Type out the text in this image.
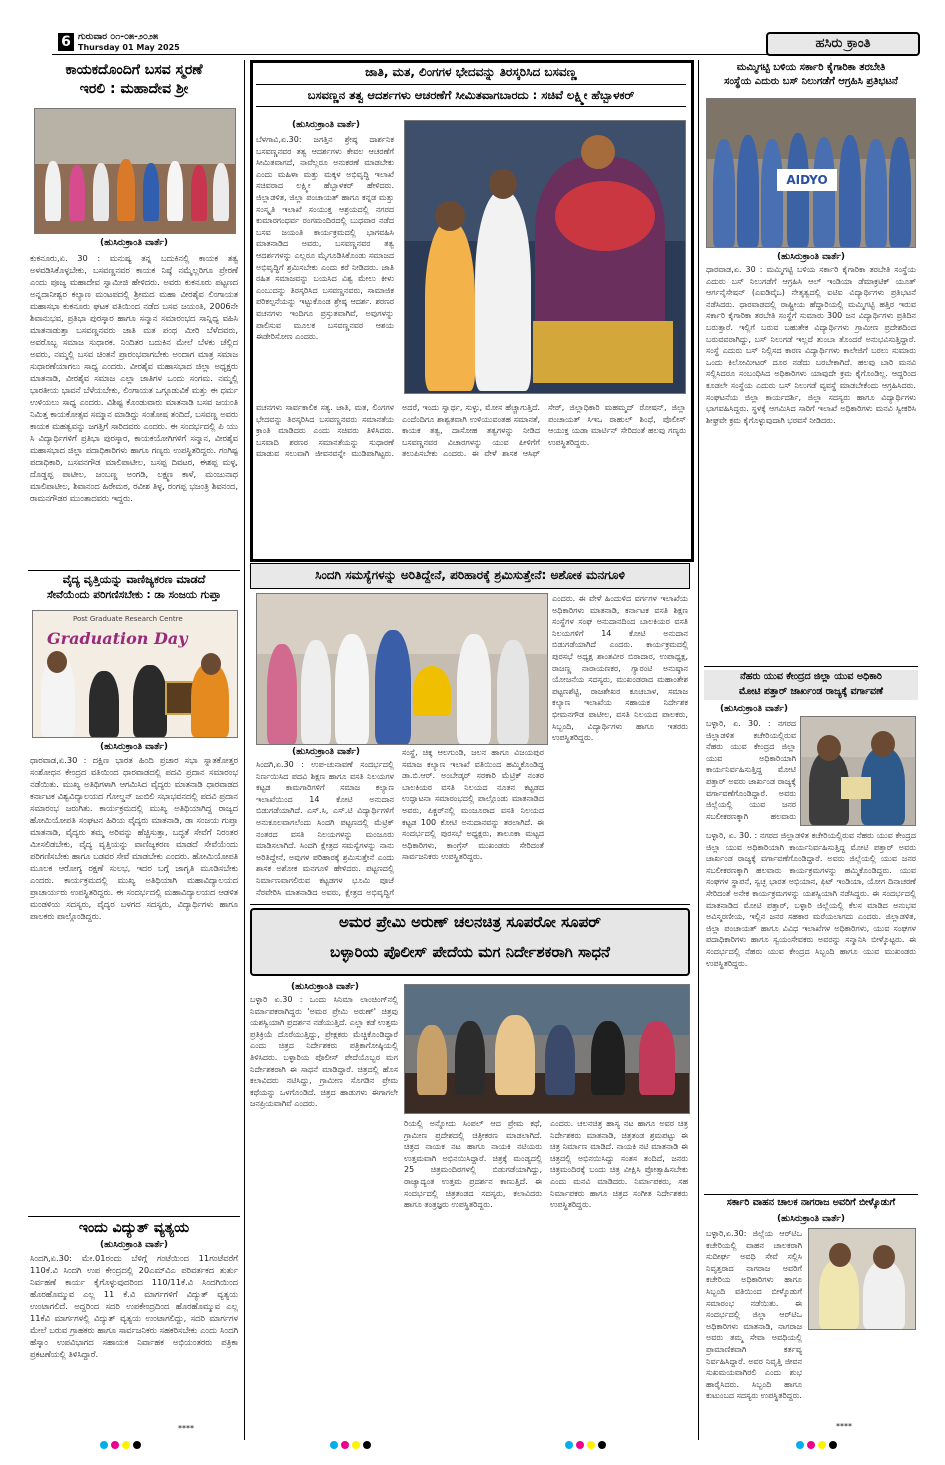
6 ಗುರುವಾರ ೦೧-೦೫-೨೦೨೫
Thursday 01 May 2025	ಹಸಿರು ಕ್ರಾಂತಿ
ಕಾಯಕದೊಂದಿಗೆ ಬಸವ ಸ್ಮರಣೆ
ಇರಲಿ : ಮಹಾದೇವ ಶ್ರೀ
(ಹುಸಿರುಕ್ರಾಂತಿ ವಾರ್ತೆ)
ಕುಕನೂರು,ಏ. 30 : ಮನುಷ್ಯ ತನ್ನ ಬದುಕಿನಲ್ಲಿ ಕಾಯಕ ತತ್ವ ಅಳವಡಿಸಿಕೊಳ್ಳಬೇಕು, ಬಸವಣ್ಣನವರ ಕಾಯಕ ನಿಷ್ಠೆ ನಮ್ಮೆಲ್ಲರಿಗೂ ಪ್ರೇರಣೆ ಎಂದು ಪೂಜ್ಯ ಮಹಾದೇವ ಸ್ವಾಮೀಜಿ ಹೇಳಿದರು. ಅವರು ಕುಕನೂರು ಪಟ್ಟಣದ ಅನ್ನದಾನೀಶ್ವರ ಕಲ್ಯಾಣ ಮಂಟಪದಲ್ಲಿ ಶ್ರೀಮದ ಮಹಾ ವೀರಶೈವ ಲಿಂಗಾಯತ ಮಹಾಸಭಾ ಕುಕನೂರು ಘಟಕ ವತಿಯಿಂದ ನಡೆದ ಬಸವ ಜಯಂತಿ, 2006ನೇ ಶಿವಾನುಭವ, ಪ್ರತಿಭಾ ಪುರಸ್ಕಾರ ಹಾಗೂ ಸನ್ಮಾನ ಸಮಾರಂಭದ ಸಾನ್ನಿಧ್ಯ ವಹಿಸಿ ಮಾತನಾಡುತ್ತಾ ಬಸವಣ್ಣನವರು ಜಾತಿ ಮತ ಪಂಥ ಮೀರಿ ಬೆಳೆದವರು, ಅವರೊಬ್ಬ ಸಮಾಜ ಸುಧಾರಕ. ನಿಂದಿತರ ಬದುಕಿನ ಮೇಲೆ ಬೆಳಕು ಚೆಲ್ಲಿದ ಅವರು, ನಮ್ಮಲ್ಲಿ ಬಸವ ಚಿಂತನೆ ಪ್ರಾರಂಭವಾಗಬೇಕು ಅಂದಾಗ ಮಾತ್ರ ಸಮಾಜ ಸುಧಾರಣೆಯಾಗಲು ಸಾಧ್ಯ ಎಂದರು. ವೀರಶೈವ ಮಹಾಸಭಾದ ಜಿಲ್ಲಾ ಅಧ್ಯಕ್ಷರು ಮಾತನಾಡಿ, ವೀರಶೈವ ಸಮಾಜ ಎಲ್ಲಾ ಜಾತಿಗಳ ಒಂದು ಸಂಗಮ. ನಮ್ಮಲ್ಲಿ ಭಾರತೀಯ ಭಾವನೆ ಬೆಳೆಯಬೇಕು, ಲಿಂಗಾಯತ ಒಗ್ಗೂಡುವಿಕೆ ಮತ್ತು ಈ ಧರ್ಮ ಉಳಿಯಲು ಸಾಧ್ಯ ಎಂದರು. ವಿಶಿಷ್ಟ ಕೊಂಡುವಾರು ಮಾತನಾಡಿ ಬಸವ ಜಯಂತಿ ನಿಮಿತ್ತ ಕಾಯಕೋತ್ಸವ ಸಮ್ಮಾನ ಮಾಡಿದ್ದು ಸಂತೋಷ ತಂದಿದೆ, ಬಸವಣ್ಣ ಅವರು ಕಾಯಕ ಮಹತ್ವವನ್ನು ಜಗತ್ತಿಗೆ ಸಾರಿದವರು ಎಂದರು. ಈ ಸಂದರ್ಭದಲ್ಲಿ ಪಿ ಯು ಸಿ ವಿದ್ಯಾರ್ಥಿಗಳಿಗೆ ಪ್ರತಿಭಾ ಪುರಸ್ಕಾರ, ಕಾಯಕಯೋಗಿಗಳಿಗೆ ಸನ್ಮಾನ, ವೀರಶೈವ ಮಹಾಸಭಾದ ಜಿಲ್ಲಾ ಪದಾಧಿಕಾರಿಗಳು ಹಾಗೂ ಗಣ್ಯರು ಉಪಸ್ಥಿತರಿದ್ದರು. ಗಂಗಿಷ್ಟ ಪದಾಧಿಕಾರಿ, ಬಸವನಗೌಡ ಮಾಲಿಪಾಟೀಲ, ಬಸಪ್ಪ ದಿವಟರ, ಈಶಪ್ಪ ಮಳ್ಳ, ದೊಡ್ಡಪ್ಪ ಪಾಟೀಲ, ಜಂಬಣ್ಣ ಅಂಗಡಿ, ಲಕ್ಷ್ಮಣ ಕಾಳೆ, ಮಂಜುನಾಥ ಮಾಲಿಪಾಟೀಲ, ಶಿವಾನಂದ ಹಿರೇಮಠ, ರವೀಶ ತಿಳ್ಳ, ರಂಗಪ್ಪ ಭಜಂತ್ರಿ ಶಿವನಂದ, ರಾಮನಗೌಡರ ಮುಂತಾದವರು ಇದ್ದರು.
ವೈದ್ಯ ವೃತ್ತಿಯನ್ನು ವಾಣಿಜ್ಯಕರಣ ಮಾಡದೆ
ಸೇವೆಯೆಂದು ಪರಿಗಣಿಸಬೇಕು : ಡಾ ಸಂಜಯ ಗುಪ್ತಾ
Post Graduate Research Centre
Graduation Day
(ಹುಸಿರುಕ್ರಾಂತಿ ವಾರ್ತೆ)
ಧಾರವಾಡ,ಏ.30 : ದಕ್ಷಿಣ ಭಾರತ ಹಿಂದಿ ಪ್ರಚಾರ ಸಭಾ ಸ್ನಾತಕೋತ್ತರ ಸಂಶೋಧನ ಕೇಂದ್ರದ ವತಿಯಿಂದ ಧಾರವಾಡದಲ್ಲಿ ಪದವಿ ಪ್ರದಾನ ಸಮಾರಂಭ ನಡೆಯಿತು. ಮುಖ್ಯ ಅತಿಥಿಗಳಾಗಿ ಆಗಮಿಸಿದ ವೈದ್ಯರು ಮಾತನಾಡಿ ಧಾರವಾಡದ ಕರ್ನಾಟಕ ವಿಶ್ವವಿದ್ಯಾಲಯದ ಗೋಲ್ಡನ್ ಜುಬಿಲಿ ಸಭಾಭವನದಲ್ಲಿ ಪದವಿ ಪ್ರದಾನ ಸಮಾರಂಭ ಜರುಗಿತು. ಕಾರ್ಯಕ್ರಮದಲ್ಲಿ ಮುಖ್ಯ ಅತಿಥಿಯಾಗಿದ್ದ ರಾಜ್ಯದ ಹೋಮಿಯೋಪತಿ ಸಂಘಟನ ಹಿರಿಯ ವೈದ್ಯರು ಮಾತನಾಡಿ, ಡಾ ಸಂಜಯ ಗುಪ್ತಾ ಮಾತನಾಡಿ, ವೈದ್ಯರು ತಮ್ಮ ಅರಿವನ್ನು ಹೆಚ್ಚಿಸುತ್ತಾ, ಬದ್ಧತೆ ಸೇವೆಗೆ ನಿರಂತರ ಮೀಸಲಿಡಬೇಕು, ವೈದ್ಯ ವೃತ್ತಿಯನ್ನು ವಾಣಿಜ್ಯಕರಣ ಮಾಡದೆ ಸೇವೆಯೆಂದು ಪರಿಗಣಿಸಬೇಕು ಹಾಗೂ ಬಡವರ ಸೇವೆ ಮಾಡಬೇಕು ಎಂದರು. ಹೋಮಿಯೋಪತಿ ಮೂಲಕ ಆರೋಗ್ಯ ರಕ್ಷಣೆ ಸುಲಭ, ಇದರ ಬಗ್ಗೆ ಜಾಗೃತಿ ಮೂಡಿಸಬೇಕು ಎಂದರು. ಕಾರ್ಯಕ್ರಮದಲ್ಲಿ ಮುಖ್ಯ ಅತಿಥಿಯಾಗಿ ಮಹಾವಿದ್ಯಾಲಯದ ಪ್ರಾಚಾರ್ಯರು ಉಪಸ್ಥಿತರಿದ್ದರು. ಈ ಸಂದರ್ಭದಲ್ಲಿ ಮಹಾವಿದ್ಯಾಲಯದ ಆಡಳಿತ ಮಂಡಳಿಯ ಸದಸ್ಯರು, ವೈದ್ಯರ ಬಳಗದ ಸದಸ್ಯರು, ವಿದ್ಯಾರ್ಥಿಗಳು ಹಾಗೂ ಪಾಲಕರು ಪಾಲ್ಗೊಂಡಿದ್ದರು.
ಇಂದು ವಿದ್ಯುತ್ ವ್ಯತ್ಯಯ
(ಹುಸಿರುಕ್ರಾಂತಿ ವಾರ್ತೆ)
ಸಿಂದಗಿ,ಏ.30: ಮೇ.01ರಂದು ಬೆಳಿಗ್ಗೆ ಗಂಟೆಯಿಂದ 11ಗಂಟೆವರೆಗೆ 110ಕೆ.ವಿ ಸಿಂದಗಿ ಉಪ ಕೇಂದ್ರದಲ್ಲಿ 20ಎಮ್‌ವಿಎ ಪರಿವರ್ತಕದ ತುರ್ತು ನಿರ್ವಹಣೆ ಕಾರ್ಯ ಕೈಗೊಳ್ಳುವುದರಿಂದ 110/11ಕೆ.ವಿ ಸಿಂದಗಿಯಿಂದ ಹೊರಹೊಮ್ಮುವ ಎಲ್ಲ 11 ಕೆ.ವಿ ಮಾರ್ಗಗಳಿಗೆ ವಿದ್ಯುತ್ ವ್ಯತ್ಯಯ ಉಂಟಾಗಲಿದೆ. ಅದ್ದರಿಂದ ಸದರಿ ಉಪಕೇಂದ್ರದಿಂದ ಹೊರಹೊಮ್ಮುವ ಎಲ್ಲ 11ಕೆವಿ ಮಾರ್ಗಗಳಲ್ಲಿ ವಿದ್ಯುತ್ ವ್ಯತ್ಯಯ ಉಂಟಾಗಲಿದ್ದು, ಸದರಿ ಮಾರ್ಗಗಳ ಮೇಲೆ ಬರುವ ಗ್ರಾಹಕರು ಹಾಗೂ ಸಾರ್ವಜನಿಕರು ಸಹಕರಿಸಬೇಕು ಎಂದು ಸಿಂದಗಿ ಹೆಸ್ಕಾಂ ಉಪವಿಭಾಗದ ಸಹಾಯಕ ನಿರ್ವಾಹಕ ಅಭಿಯಂತರರು ಪತ್ರಿಕಾ ಪ್ರಕಟಣೆಯಲ್ಲಿ ತಿಳಿಸಿದ್ದಾರೆ.
****
ಜಾತಿ, ಮತ, ಲಿಂಗಗಳ ಭೇದವನ್ನು ತಿರಸ್ಕರಿಸಿದ ಬಸವಣ್ಣ
ಬಸವಣ್ಣನ ತತ್ವ ಆದರ್ಶಗಳು ಆಚರಣೆಗೆ ಸೀಮಿತವಾಗಬಾರದು : ಸಚಿವೆ ಲಕ್ಷ್ಮೀ ಹೆಬ್ಬಾಳಕರ್
(ಹುಸಿರುಕ್ರಾಂತಿ ವಾರ್ತೆ)
ಬೆಳಗಾವಿ,ಏ.30: ಜಗತ್ತಿನ ಶ್ರೇಷ್ಠ ದಾರ್ಶನಿಕ ಬಸವಣ್ಣನವರ ತತ್ವ ಆದರ್ಶಗಳು ಕೇವಲ ಆಚರಣೆಗೆ ಸೀಮಿತವಾಗದೆ, ನಾವೆಲ್ಲರೂ ಅನುಕರಣೆ ಮಾಡಬೇಕು ಎಂದು ಮಹಿಳಾ ಮತ್ತು ಮಕ್ಕಳ ಅಭಿವೃದ್ಧಿ ಇಲಾಖೆ ಸಚಿವರಾದ ಲಕ್ಷ್ಮೀ ಹೆಬ್ಬಾಳಕರ್ ಹೇಳಿದರು. ಜಿಲ್ಲಾಡಳಿತ, ಜಿಲ್ಲಾ ಪಂಚಾಯತ್ ಹಾಗೂ ಕನ್ನಡ ಮತ್ತು ಸಂಸ್ಕೃತಿ ಇಲಾಖೆ ಸಂಯುಕ್ತ ಆಶ್ರಯದಲ್ಲಿ ನಗರದ ಕುಮಾರಗಂಧರ್ವ ರಂಗಮಂದಿರದಲ್ಲಿ ಬುಧವಾರ ನಡೆದ ಬಸವ ಜಯಂತಿ ಕಾರ್ಯಕ್ರಮದಲ್ಲಿ ಭಾಗವಹಿಸಿ ಮಾತನಾಡಿದ ಅವರು, ಬಸವಣ್ಣನವರ ತತ್ವ ಆದರ್ಶಗಳನ್ನು ಎಲ್ಲರೂ ಮೈಗೂಡಿಸಿಕೊಂಡು ಸಮಾಜದ ಅಭಿವೃದ್ಧಿಗೆ ಶ್ರಮಿಸಬೇಕು ಎಂದು ಕರೆ ನೀಡಿದರು. ಜಾತಿ ರಹಿತ ಸಮಾಜವನ್ನು ಬಯಸಿದ ವಿಶ್ವ ಮೇಲು ಕೀಳು ಎಂಬುದನ್ನು ತಿರಸ್ಕರಿಸಿದ ಬಸವಣ್ಣನವರು, ಸಾಮಾಜಿಕ ಪರಿಕಲ್ಪನೆಯನ್ನು ಇಟ್ಟುಕೊಂಡ ಶ್ರೇಷ್ಠ ಆದರ್ಶ. ಶರಣರ ವಚನಗಳು ಇಂದಿಗೂ ಪ್ರಸ್ತುತವಾಗಿವೆ, ಅವುಗಳನ್ನು ಪಾಲಿಸುವ ಮೂಲಕ ಬಸವಣ್ಣನವರ ಆಶಯ ಈಡೇರಿಸೋಣ ಎಂದರು.
ವಚನಗಳು ಸಾರ್ವಕಾಲಿಕ ಸತ್ಯ. ಜಾತಿ, ಮತ, ಲಿಂಗಗಳ ಭೇದವನ್ನು ತಿರಸ್ಕರಿಸಿದ ಬಸವಣ್ಣನವರು ಸಮಾನತೆಯ ಕ್ರಾಂತಿ ಮಾಡಿದರು ಎಂದು ಸಚಿವರು ತಿಳಿಸಿದರು. ಬಸವಾದಿ ಶರಣರ ಸಮಾನತೆಯನ್ನು ಸುಧಾರಣೆ ಮಾಡುವ ಸಲುವಾಗಿ ಜೀವನವನ್ನೇ ಮುಡಿಪಾಗಿಟ್ಟರು. ಅದರೆ, ಇಂದು ಸ್ವಾರ್ಥ, ಸುಳ್ಳು, ಮೋಸ ಹೆಚ್ಚಾಗುತ್ತಿದೆ. ಎಂದೆಂದಿಗೂ ಶಾಶ್ವತವಾಗಿ ಉಳಿಯುವಂತಹ ಸಮಾನತೆ, ಕಾಯಕ ತತ್ವ, ದಾಸೋಹ ತತ್ವಗಳನ್ನು ನೀಡಿದ ಬಸವಣ್ಣನವರ ವಿಚಾರಗಳನ್ನು ಯುವ ಪೀಳಿಗೆಗೆ ತಲುಪಿಸಬೇಕು ಎಂದರು. ಈ ವೇಳೆ ಶಾಸಕ ಆಸಿಫ್ ಸೇಠ್, ಜಿಲ್ಲಾಧಿಕಾರಿ ಮಹಮ್ಮದ್ ರೋಷನ್, ಜಿಲ್ಲಾ ಪಂಚಾಯತ್ ಸಿಇಒ ರಾಹುಲ್ ಶಿಂಧೆ, ಪೊಲೀಸ್ ಆಯುಕ್ತ ಯಡಾ ಮಾರ್ಟಿನ್ ಸೇರಿದಂತೆ ಹಲವು ಗಣ್ಯರು ಉಪಸ್ಥಿತರಿದ್ದರು.
ಸಿಂದಗಿ ಸಮಸ್ಯೆಗಳನ್ನು ಅರಿತಿದ್ದೇನೆ, ಪರಿಹಾರಕ್ಕೆ ಶ್ರಮಿಸುತ್ತೇನೆ: ಅಶೋಕ ಮನಗೂಳಿ
(ಹುಸಿರುಕ್ರಾಂತಿ ವಾರ್ತೆ)
ಸಿಂದಗಿ,ಏ.30 : ಉಪ-ಚುನಾವಣೆ ಸಂದರ್ಭದಲ್ಲಿ ನಿರ್ಣಯಿಸಿದ ಪದವಿ ಶಿಕ್ಷಣ ಹಾಗೂ ವಸತಿ ನಿಲಯಗಳ ಕಟ್ಟಡ ಕಾಮಗಾರಿಗಳಿಗೆ ಸಮಾಜ ಕಲ್ಯಾಣ ಇಲಾಖೆಯಿಂದ 14 ಕೋಟಿ ಅನುದಾನ ಬಿಡುಗಡೆಯಾಗಿದೆ. ಎಸ್.ಸಿ, ಎಸ್.ಟಿ ವಿದ್ಯಾರ್ಥಿಗಳಿಗೆ ಅನುಕೂಲವಾಗಲೆಂದು ಸಿಂದಗಿ ಪಟ್ಟಣದಲ್ಲಿ ಮೆಟ್ರಿಕ್ ನಂತರದ ವಸತಿ ನಿಲಯಗಳನ್ನು ಮಂಜೂರು ಮಾಡಿಸಲಾಗಿದೆ. ಸಿಂದಗಿ ಕ್ಷೇತ್ರದ ಸಮಸ್ಯೆಗಳನ್ನು ನಾನು ಅರಿತಿದ್ದೇನೆ, ಅವುಗಳ ಪರಿಹಾರಕ್ಕೆ ಶ್ರಮಿಸುತ್ತೇನೆ ಎಂದು ಶಾಸಕ ಅಶೋಕ ಮನಗೂಳಿ ಹೇಳಿದರು. ಪಟ್ಟಣದಲ್ಲಿ ನಿರ್ಮಾಣವಾಗಲಿರುವ ಕಟ್ಟಡಗಳ ಭೂಮಿ ಪೂಜೆ ನೆರವೇರಿಸಿ ಮಾತನಾಡಿದ ಅವರು, ಕ್ಷೇತ್ರದ ಅಭಿವೃದ್ಧಿಗೆ
ಸಂಸ್ಥೆ, ಚಿಕ್ಕ ಆಲಗುಂಡಿ, ಜಲನ ಹಾಗೂ ವಿಜಯಪುರ ಸಮಾಜ ಕಲ್ಯಾಣ ಇಲಾಖೆ ವತಿಯಿಂದ ಹಮ್ಮಿಕೊಂಡಿದ್ದ ಡಾ.ಬಿ.ಆರ್. ಅಂಬೇಡ್ಕರ್ ಸರಕಾರಿ ಮೆಟ್ರಿಕ್ ನಂತರ ಬಾಲಕಿಯರ ವಸತಿ ನಿಲಯದ ನೂತನ ಕಟ್ಟಡದ ಉದ್ಘಾಟನಾ ಸಮಾರಂಭದಲ್ಲಿ ಪಾಲ್ಗೊಂಡು ಮಾತನಾಡಿದ ಅವರು, ಪಿಕ್ಚರ್‌ನಲ್ಲಿ ಮಂಜೂರಾದ ವಸತಿ ನಿಲಯದ ಕಟ್ಟಡ 100 ಕೋಟಿ ಅನುದಾನವನ್ನು ತರಲಾಗಿದೆ. ಈ ಸಂದರ್ಭದಲ್ಲಿ ಪುರಸಭೆ ಅಧ್ಯಕ್ಷರು, ತಾಲೂಕಾ ಮಟ್ಟದ ಅಧಿಕಾರಿಗಳು, ಕಾಂಗ್ರೆಸ್ ಮುಖಂಡರು ಸೇರಿದಂತೆ ಸಾರ್ವಜನಿಕರು ಉಪಸ್ಥಿತರಿದ್ದರು.
ಎಂದರು. ಈ ವೇಳೆ ಹಿಂದುಳಿದ ವರ್ಗಗಳ ಇಲಾಖೆಯ ಅಧಿಕಾರಿಗಳು ಮಾತನಾಡಿ, ಕರ್ನಾಟಕ ವಸತಿ ಶಿಕ್ಷಣ ಸಂಸ್ಥೆಗಳ ಸಂಘ ಅನುದಾನದಿಂದ ಬಾಲಕಿಯರ ವಸತಿ ನಿಲಯಗಳಿಗೆ 14 ಕೋಟಿ ಅನುದಾನ ಬಿಡುಗಡೆಯಾಗಿದೆ ಎಂದರು. ಕಾರ್ಯಕ್ರಮದಲ್ಲಿ ಪುರಸಭೆ ಅಧ್ಯಕ್ಷ ಶಾಂತವೀರ ಬಿರಾದಾರ, ಉಪಾಧ್ಯಕ್ಷ, ರಾಜಣ್ಣ ನಾರಾಯಣಕರ, ಗ್ಯಾರಂಟಿ ಅನುಷ್ಠಾನ ಯೋಜನೆಯ ಸದಸ್ಯರು, ಮುಖಂಡರಾದ ಮಹಾಂತೇಶ ಪಟ್ಟಣಶೆಟ್ಟಿ, ರಾಜಶೇಖರ ಕೂಚಬಾಳ, ಸಮಾಜ ಕಲ್ಯಾಣ ಇಲಾಖೆಯ ಸಹಾಯಕ ನಿರ್ದೇಶಕ ಭೀಮನಗೌಡ ಪಾಟೀಲ, ವಸತಿ ನಿಲಯದ ಪಾಲಕರು, ಸಿಬ್ಬಂದಿ, ವಿದ್ಯಾರ್ಥಿಗಳು ಹಾಗೂ ಇತರರು ಉಪಸ್ಥಿತರಿದ್ದರು.
ಅಮರ ಪ್ರೇಮಿ ಅರುಣ್ ಚಲನಚಿತ್ರ ಸೂಪರೋ ಸೂಪರ್
ಬಳ್ಳಾರಿಯ ಪೊಲೀಸ್ ಪೇದೆಯ ಮಗ ನಿರ್ದೇಶಕರಾಗಿ ಸಾಧನೆ
(ಹುಸಿರುಕ್ರಾಂತಿ ವಾರ್ತೆ)
ಬಳ್ಳಾರಿ ಏ.30 : ಒಂದು ಸಿನಿಮಾ ಲಾಂಚಿಂಗ್‌ನಲ್ಲಿ ನಿರ್ಮಾಪಕರಾಗಿದ್ದರು 'ಅಮರ ಪ್ರೇಮಿ ಅರುಣ್' ಚಿತ್ರವು ಯಶಸ್ವಿಯಾಗಿ ಪ್ರದರ್ಶನ ನಡೆಯುತ್ತಿದೆ. ಎಲ್ಲಾ ಕಡೆ ಉತ್ತಮ ಪ್ರತಿಕ್ರಿಯೆ ದೊರೆಯುತ್ತಿದ್ದು, ಪ್ರೇಕ್ಷಕರು ಮೆಚ್ಚಿಕೊಂಡಿದ್ದಾರೆ ಎಂದು ಚಿತ್ರದ ನಿರ್ದೇಶಕರು ಪತ್ರಿಕಾಗೋಷ್ಠಿಯಲ್ಲಿ ತಿಳಿಸಿದರು. ಬಳ್ಳಾರಿಯ ಪೊಲೀಸ್ ಪೇದೆಯೊಬ್ಬರ ಮಗ ನಿರ್ದೇಶಕರಾಗಿ ಈ ಸಾಧನೆ ಮಾಡಿದ್ದಾರೆ. ಚಿತ್ರದಲ್ಲಿ ಹೊಸ ಕಲಾವಿದರು ನಟಿಸಿದ್ದು, ಗ್ರಾಮೀಣ ಸೊಗಡಿನ ಪ್ರೇಮ ಕಥೆಯನ್ನು ಒಳಗೊಂಡಿದೆ. ಚಿತ್ರದ ಹಾಡುಗಳು ಈಗಾಗಲೇ ಜನಪ್ರಿಯವಾಗಿವೆ ಎಂದರು.
ರಿಯಲ್ಲಿ ಅನ್ನೋದು ಸಿಂಪಲ್ ಆದ ಪ್ರೇಮ ಕಥೆ, ಗ್ರಾಮೀಣ ಪ್ರದೇಶದಲ್ಲಿ ಚಿತ್ರೀಕರಣ ಮಾಡಲಾಗಿದೆ. ಚಿತ್ರದ ನಾಯಕ ನಟ ಹಾಗೂ ನಾಯಕಿ ನಟಿಯರು ಉತ್ತಮವಾಗಿ ಅಭಿನಯಿಸಿದ್ದಾರೆ. ಚಿತ್ರಕ್ಕೆ ಮಂಡ್ಯದಲ್ಲಿ 25 ಚಿತ್ರಮಂದಿರಗಳಲ್ಲಿ ಬಿಡುಗಡೆಯಾಗಿದ್ದು, ರಾಜ್ಯಾದ್ಯಂತ ಉತ್ತಮ ಪ್ರದರ್ಶನ ಕಾಣುತ್ತಿದೆ. ಈ ಸಂದರ್ಭದಲ್ಲಿ ಚಿತ್ರತಂಡದ ಸದಸ್ಯರು, ಕಲಾವಿದರು ಹಾಗೂ ತಂತ್ರಜ್ಞರು ಉಪಸ್ಥಿತರಿದ್ದರು.
ಎಂದರು. ಚಲನಚಿತ್ರ ಹಾಸ್ಯ ನಟ ಹಾಗೂ ಅವರ ಚಿತ್ರ ನಿರ್ದೇಶಕರು ಮಾತನಾಡಿ, ಚಿತ್ರತಂಡ ಶ್ರಮಪಟ್ಟು ಈ ಚಿತ್ರ ನಿರ್ಮಾಣ ಮಾಡಿದೆ. ನಾಯಕಿ ನಟಿ ಮಾತನಾಡಿ ಈ ಚಿತ್ರದಲ್ಲಿ ಅಭಿನಯಿಸಿದ್ದು ಸಂತಸ ತಂದಿದೆ, ಜನರು ಚಿತ್ರಮಂದಿರಕ್ಕೆ ಬಂದು ಚಿತ್ರ ವೀಕ್ಷಿಸಿ ಪ್ರೋತ್ಸಾಹಿಸಬೇಕು ಎಂದು ಮನವಿ ಮಾಡಿದರು. ನಿರ್ಮಾಪಕರು, ಸಹ ನಿರ್ಮಾಪಕರು ಹಾಗೂ ಚಿತ್ರದ ಸಂಗೀತ ನಿರ್ದೇಶಕರು ಉಪಸ್ಥಿತರಿದ್ದರು.
ಮಮ್ಮಿಗಟ್ಟಿ ಬಳಿಯ ಸರ್ಕಾರಿ ಕೈಗಾರಿಕಾ ತರಬೇತಿ
ಸಂಸ್ಥೆಯ ಎದುರು ಬಸ್ ನಿಲುಗಡೆಗೆ ಆಗ್ರಹಿಸಿ ಪ್ರತಿಭಟನೆ
AIDYO
(ಹುಸಿರುಕ್ರಾಂತಿ ವಾರ್ತೆ)
ಧಾರವಾಡ,ಏ. 30 : ಮಮ್ಮಿಗಟ್ಟಿ ಬಳಿಯ ಸರ್ಕಾರಿ ಕೈಗಾರಿಕಾ ತರಬೇತಿ ಸಂಸ್ಥೆಯ ಎದುರು ಬಸ್ ನಿಲುಗಡೆಗೆ ಆಗ್ರಹಿಸಿ ಆಲ್ ಇಂಡಿಯಾ ಡೆಮಾಕ್ರಟಿಕ್ ಯೂತ್ ಆರ್ಗನೈಸೇಷನ್ (ಎಐಡಿವೈಒ) ನೇತೃತ್ವದಲ್ಲಿ ಐಟಿಐ ವಿದ್ಯಾರ್ಥಿಗಳು ಪ್ರತಿಭಟನೆ ನಡೆಸಿದರು. ಧಾರವಾಡದಲ್ಲಿ ರಾಷ್ಟ್ರೀಯ ಹೆದ್ದಾರಿಯಲ್ಲಿ ಮಮ್ಮಿಗಟ್ಟಿ ಹತ್ತಿರ ಇರುವ ಸರ್ಕಾರಿ ಕೈಗಾರಿಕಾ ತರಬೇತಿ ಸಂಸ್ಥೆಗೆ ಸುಮಾರು 300 ಜನ ವಿದ್ಯಾರ್ಥಿಗಳು ಪ್ರತಿದಿನ ಬರುತ್ತಾರೆ. ಇಲ್ಲಿಗೆ ಬರುವ ಬಹುತೇಕ ವಿದ್ಯಾರ್ಥಿಗಳು ಗ್ರಾಮೀಣ ಪ್ರದೇಶದಿಂದ ಬರುವವರಾಗಿದ್ದು, ಬಸ್ ನಿಲುಗಡೆ ಇಲ್ಲದೆ ತುಂಬಾ ತೊಂದರೆ ಅನುಭವಿಸುತ್ತಿದ್ದಾರೆ. ಸಂಸ್ಥೆ ಎದುರು ಬಸ್ ನಿಲ್ಲಿಸದ ಕಾರಣ ವಿದ್ಯಾರ್ಥಿಗಳು ಕಾಲೇಜಿಗೆ ಬರಲು ಸುಮಾರು ಒಂದು ಕಿಲೋಮೀಟರ್ ದೂರ ನಡೆದು ಬರಬೇಕಾಗಿದೆ. ಹಲವು ಬಾರಿ ಮನವಿ ಸಲ್ಲಿಸಿದರೂ ಸಂಬಂಧಿಸಿದ ಅಧಿಕಾರಿಗಳು ಯಾವುದೇ ಕ್ರಮ ಕೈಗೊಂಡಿಲ್ಲ. ಆದ್ದರಿಂದ ಕೂಡಲೇ ಸಂಸ್ಥೆಯ ಎದುರು ಬಸ್ ನಿಲುಗಡೆ ವ್ಯವಸ್ಥೆ ಮಾಡಬೇಕೆಂದು ಆಗ್ರಹಿಸಿದರು. ಸಂಘಟನೆಯ ಜಿಲ್ಲಾ ಕಾರ್ಯದರ್ಶಿ, ಜಿಲ್ಲಾ ಸದಸ್ಯರು ಹಾಗೂ ವಿದ್ಯಾರ್ಥಿಗಳು ಭಾಗವಹಿಸಿದ್ದರು. ಸ್ಥಳಕ್ಕೆ ಆಗಮಿಸಿದ ಸಾರಿಗೆ ಇಲಾಖೆ ಅಧಿಕಾರಿಗಳು ಮನವಿ ಸ್ವೀಕರಿಸಿ ಶೀಘ್ರವೇ ಕ್ರಮ ಕೈಗೊಳ್ಳುವುದಾಗಿ ಭರವಸೆ ನೀಡಿದರು.
ನೆಹರು ಯುವ ಕೇಂದ್ರದ ಜಿಲ್ಲಾ ಯುವ ಅಧಿಕಾರಿ
ಮೋಟಿ ಪತ್ತಾರ್ ಜಾರ್ಖಂಡ ರಾಜ್ಯಕ್ಕೆ ವರ್ಗಾವಣೆ
(ಹುಸಿರುಕ್ರಾಂತಿ ವಾರ್ತೆ)
ಬಳ್ಳಾರಿ, ಏ. 30. : ನಗರದ ಜಿಲ್ಲಾಡಳಿತ ಕಚೇರಿಯಲ್ಲಿರುವ ನೆಹರು ಯುವ ಕೇಂದ್ರದ ಜಿಲ್ಲಾ ಯುವ ಅಧಿಕಾರಿಯಾಗಿ ಕಾರ್ಯನಿರ್ವಹಿಸುತ್ತಿದ್ದ ಮೋಟಿ ಪತ್ತಾರ್ ಅವರು ಜಾರ್ಖಂಡ ರಾಜ್ಯಕ್ಕೆ ವರ್ಗಾವಣೆಗೊಂಡಿದ್ದಾರೆ. ಅವರು ಜಿಲ್ಲೆಯಲ್ಲಿ ಯುವ ಜನರ ಸಬಲೀಕರಣಕ್ಕಾಗಿ ಹಲವಾರು
ಬಳ್ಳಾರಿ, ಏ. 30. : ನಗರದ ಜಿಲ್ಲಾಡಳಿತ ಕಚೇರಿಯಲ್ಲಿರುವ ನೆಹರು ಯುವ ಕೇಂದ್ರದ ಜಿಲ್ಲಾ ಯುವ ಅಧಿಕಾರಿಯಾಗಿ ಕಾರ್ಯನಿರ್ವಹಿಸುತ್ತಿದ್ದ ಮೋಟಿ ಪತ್ತಾರ್ ಅವರು ಜಾರ್ಖಂಡ ರಾಜ್ಯಕ್ಕೆ ವರ್ಗಾವಣೆಗೊಂಡಿದ್ದಾರೆ. ಅವರು ಜಿಲ್ಲೆಯಲ್ಲಿ ಯುವ ಜನರ ಸಬಲೀಕರಣಕ್ಕಾಗಿ ಹಲವಾರು ಕಾರ್ಯಕ್ರಮಗಳನ್ನು ಹಮ್ಮಿಕೊಂಡಿದ್ದರು. ಯುವ ಸಂಘಗಳ ಸ್ಥಾಪನೆ, ಸ್ವಚ್ಛ ಭಾರತ ಅಭಿಯಾನ, ಫಿಟ್ ಇಂಡಿಯಾ, ಯೋಗ ದಿನಾಚರಣೆ ಸೇರಿದಂತೆ ಅನೇಕ ಕಾರ್ಯಕ್ರಮಗಳನ್ನು ಯಶಸ್ವಿಯಾಗಿ ನಡೆಸಿದ್ದರು. ಈ ಸಂದರ್ಭದಲ್ಲಿ ಮಾತನಾಡಿದ ಮೋಟಿ ಪತ್ತಾರ್, ಬಳ್ಳಾರಿ ಜಿಲ್ಲೆಯಲ್ಲಿ ಕೆಲಸ ಮಾಡಿದ ಅನುಭವ ಅವಿಸ್ಮರಣೀಯ, ಇಲ್ಲಿನ ಜನರ ಸಹಕಾರ ಮರೆಯಲಾಗದು ಎಂದರು. ಜಿಲ್ಲಾಡಳಿತ, ಜಿಲ್ಲಾ ಪಂಚಾಯತ್ ಹಾಗೂ ವಿವಿಧ ಇಲಾಖೆಗಳ ಅಧಿಕಾರಿಗಳು, ಯುವ ಸಂಘಗಳ ಪದಾಧಿಕಾರಿಗಳು ಹಾಗೂ ಸ್ವಯಂಸೇವಕರು ಅವರನ್ನು ಸನ್ಮಾನಿಸಿ ಬೀಳ್ಕೊಟ್ಟರು. ಈ ಸಂದರ್ಭದಲ್ಲಿ ನೆಹರು ಯುವ ಕೇಂದ್ರದ ಸಿಬ್ಬಂದಿ ಹಾಗೂ ಯುವ ಮುಖಂಡರು ಉಪಸ್ಥಿತರಿದ್ದರು.
ಸರ್ಕಾರಿ ವಾಹನ ಚಾಲಕ ನಾಗರಾಜ ಅವರಿಗೆ ಬೀಳ್ಕೊಡುಗೆ
(ಹುಸಿರುಕ್ರಾಂತಿ ವಾರ್ತೆ)
ಬಳ್ಳಾರಿ,ಏ.30: ಜಿಲ್ಲೆಯ ಆರ್‌ಟಿಒ ಕಚೇರಿಯಲ್ಲಿ ವಾಹನ ಚಾಲಕರಾಗಿ ಸುದೀರ್ಘ ಅವಧಿ ಸೇವೆ ಸಲ್ಲಿಸಿ ನಿವೃತ್ತರಾದ ನಾಗರಾಜ ಅವರಿಗೆ ಕಚೇರಿಯ ಅಧಿಕಾರಿಗಳು ಹಾಗೂ ಸಿಬ್ಬಂದಿ ವತಿಯಿಂದ ಬೀಳ್ಕೊಡುಗೆ ಸಮಾರಂಭ ನಡೆಯಿತು. ಈ ಸಂದರ್ಭದಲ್ಲಿ ಜಿಲ್ಲಾ ಆರ್‌ಟಿಒ ಅಧಿಕಾರಿಗಳು ಮಾತನಾಡಿ, ನಾಗರಾಜ ಅವರು ತಮ್ಮ ಸೇವಾ ಅವಧಿಯಲ್ಲಿ ಪ್ರಾಮಾಣಿಕವಾಗಿ ಕರ್ತವ್ಯ ನಿರ್ವಹಿಸಿದ್ದಾರೆ. ಅವರ ನಿವೃತ್ತಿ ಜೀವನ ಸುಖಮಯವಾಗಿರಲಿ ಎಂದು ಶುಭ ಹಾರೈಸಿದರು. ಸಿಬ್ಬಂದಿ ಹಾಗೂ ಕುಟುಂಬದ ಸದಸ್ಯರು ಉಪಸ್ಥಿತರಿದ್ದರು.
****
